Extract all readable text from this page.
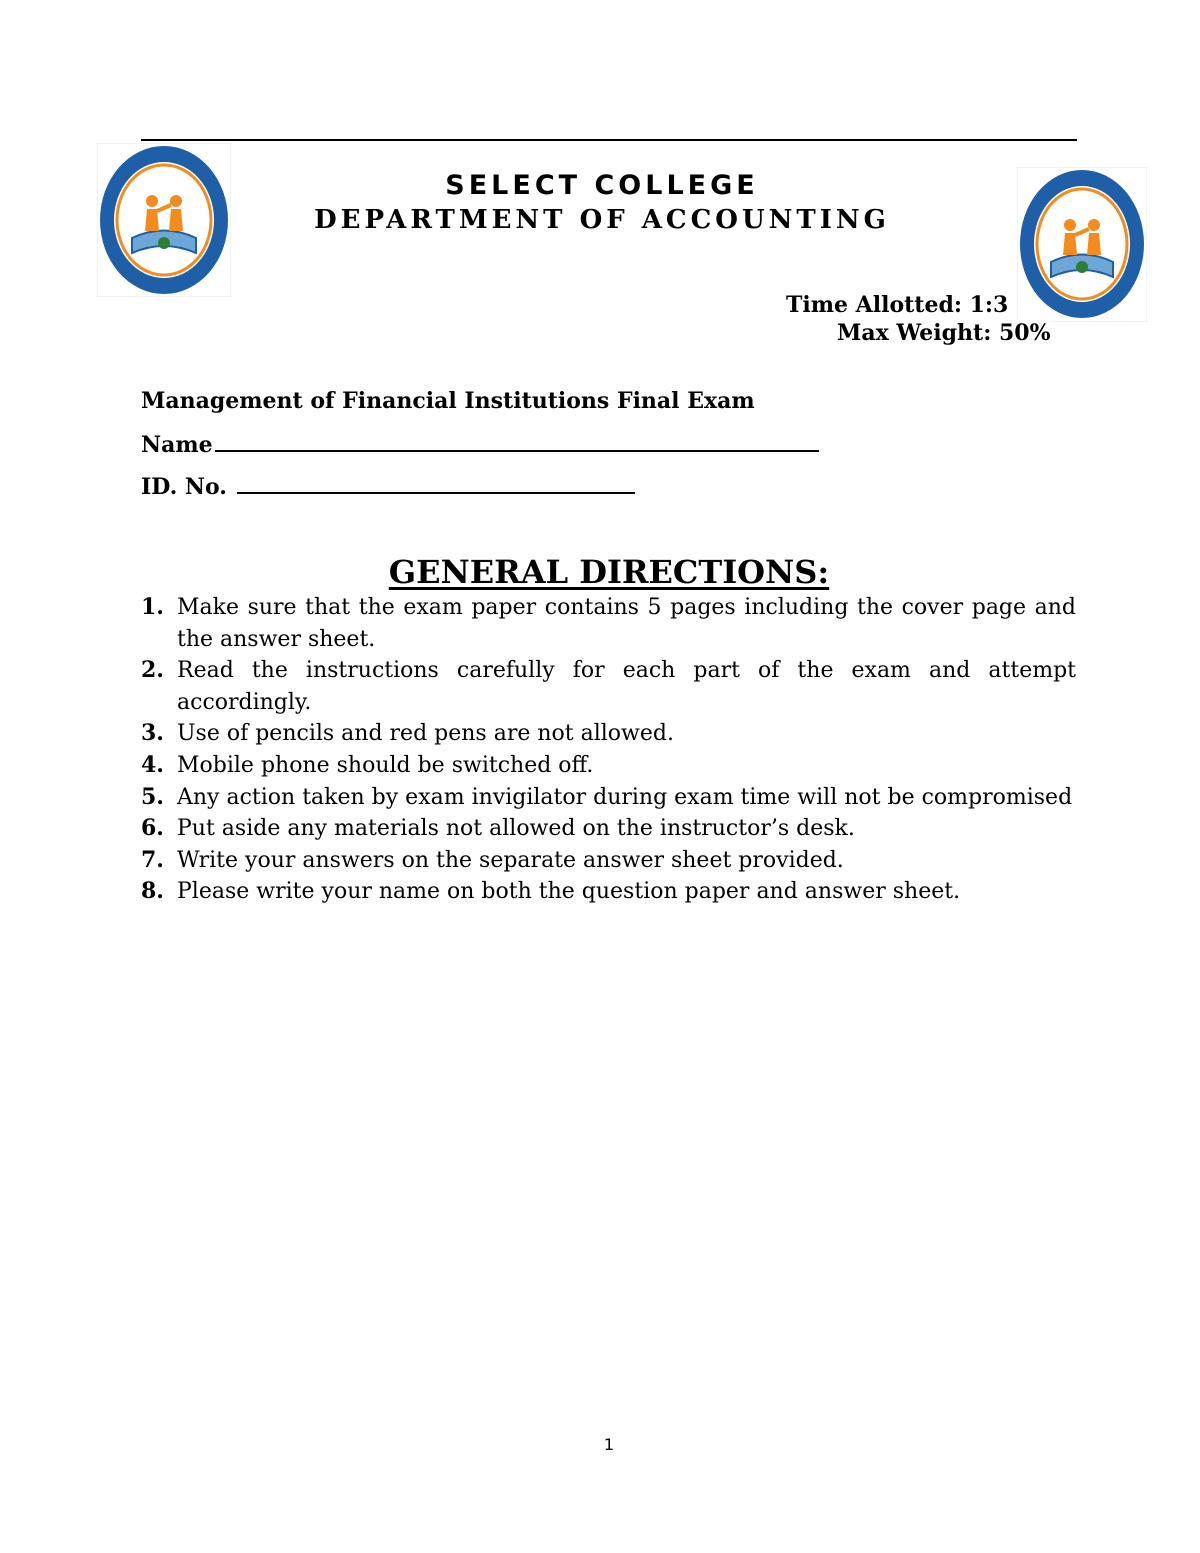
SELECT COLLEGE
DEPARTMENT OF ACCOUNTING
Time Allotted: 1:3
Max Weight: 50%
Management of Financial Institutions Final Exam
Name
ID. No.
GENERAL DIRECTIONS:
1. Make sure that the exam paper contains 5 pages including the cover page and the answer sheet.
2. Read the instructions carefully for each part of the exam and attempt accordingly.
3. Use of pencils and red pens are not allowed.
4. Mobile phone should be switched off.
5. Any action taken by exam invigilator during exam time will not be compromised
6. Put aside any materials not allowed on the instructor’s desk.
7. Write your answers on the separate answer sheet provided.
8. Please write your name on both the question paper and answer sheet.
1
